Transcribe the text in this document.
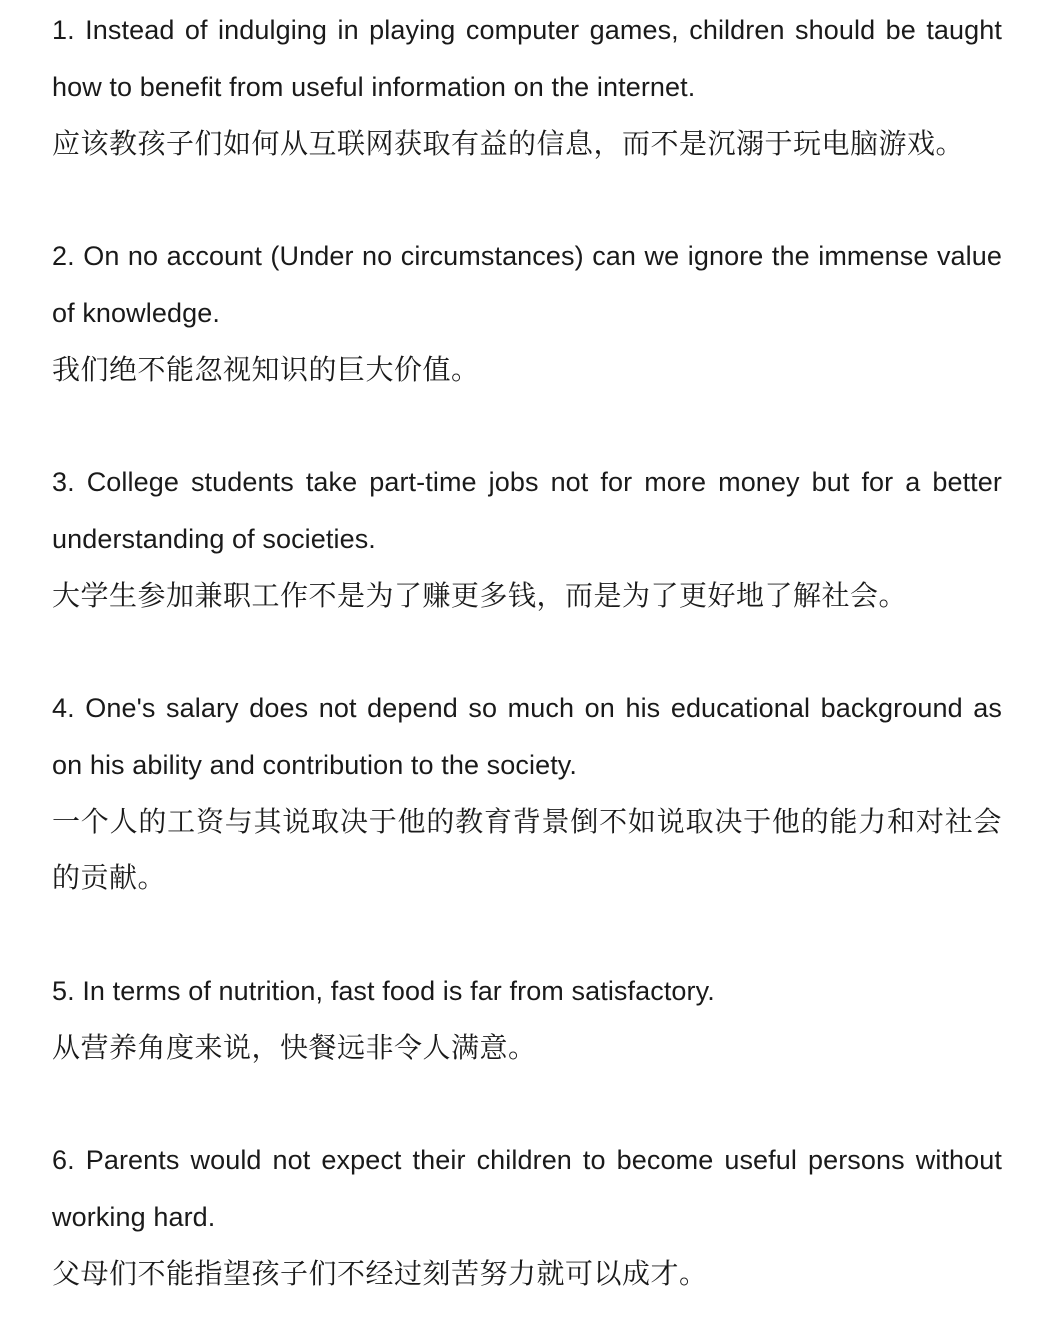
1. Instead of indulging in playing computer games, children should be taught how to benefit from useful information on the internet.

应该教孩子们如何从互联网获取有益的信息，而不是沉溺于玩电脑游戏。

2. On no account (Under no circumstances) can we ignore the immense value of knowledge.

我们绝不能忽视知识的巨大价值。

3. College students take part-time jobs not for more money but for a better understanding of societies.

大学生参加兼职工作不是为了赚更多钱，而是为了更好地了解社会。

4. One's salary does not depend so much on his educational background as on his ability and contribution to the society.

一个人的工资与其说取决于他的教育背景倒不如说取决于他的能力和对社会的贡献。

5. In terms of nutrition, fast food is far from satisfactory.

从营养角度来说，快餐远非令人满意。

6. Parents would not expect their children to become useful persons without working hard.

父母们不能指望孩子们不经过刻苦努力就可以成才。
